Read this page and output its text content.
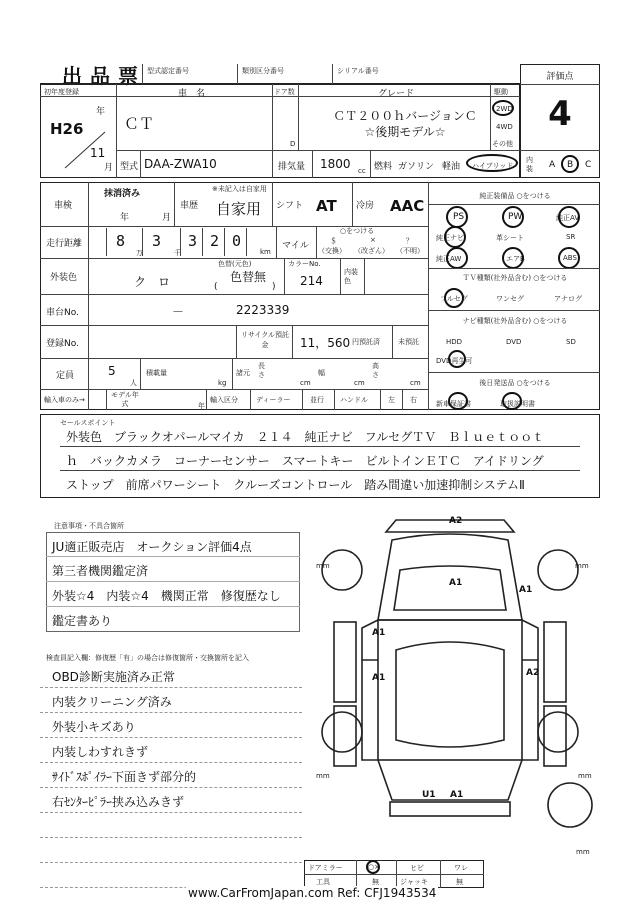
出品票 型式認定番号	類別区分番号	シリアル番号
評価点
4
初年度登録
H26
年
11
月
車　名
ＣＴ
ドア数
D
グレード
ＣＴ２００ｈバージョンＣ☆後期モデル☆
駆動
2WD
4WD
その他
型式 DAA-ZWA10	排気量 1800 cc 燃料 ガソリン 軽油 ハイブリッド
内装	A B C
車検
抹消済み
年	月
車歴
※未記入は自家用
自家用 シフト AT 冷房 AAC
走行距離 8 3 3 2 0
万	千	km
マイル
○をつける
＄	×	？
（交換） （改ざん） （不明）
外装色	ク　ロ
色替(元色)
色替無
(	)
カラーNo.
214
内装色
車台No.	－	2223339
登録No.
リサイクル預託金	11，560 円預託済	未預託
定員	5
人
積載量
kg
諸元
長さ
cm
幅
cm
高さ
cm
輸入車のみ→
モデル年式	年
輸入区分	ディーラー	並行 ハンドル	左 右
純正装備品 ○をつける
PS	PW	純正AV
純正ナビ	革シート	SR
純正AW	エアB	ABS
ＴＶ種類(社外品含む) ○をつける
フルセグ	ワンセグ	アナログ
ナビ種類(社外品含む) ○をつける
HDD	DVD	SD
DVD再生可
後日発送品 ○をつける
新車保証書	取扱説明書
セールスポイント
外装色　ブラックオパールマイカ　２１４　純正ナビ　フルセグＴＶ　Ｂｌｕｅｔｏｏｔ
ｈ　バックカメラ　コーナーセンサー　スマートキー　ビルトインＥＴＣ　アイドリング
ストップ　前席パワーシート　クルーズコントロール　踏み間違い加速抑制システムⅡ
注意事項・不具合箇所
JU適正販売店　オークション評価4点
第三者機関鑑定済
外装☆4　内装☆4　機関正常　修復歴なし
鑑定書あり
検査員記入欄：修復歴「有」の場合は修復箇所・交換箇所を記入
OBD診断実施済み正常
内装クリーニング済み
外装小キズあり
内装しわすれきず
ｻｲﾄﾞｽﾎﾟｲﾗｰ下面きず部分的
右ｾﾝﾀｰﾋﾟﾗｰ挟み込みきず
A2
A1
A1
A1
A1	A2
U1 A1
mm	mm
mm	mm
mm
ドアミラー	○×	ヒビ	ワレ
工具	無	ジャッキ	無
www.CarFromJapan.com Ref: CFJ1943534
